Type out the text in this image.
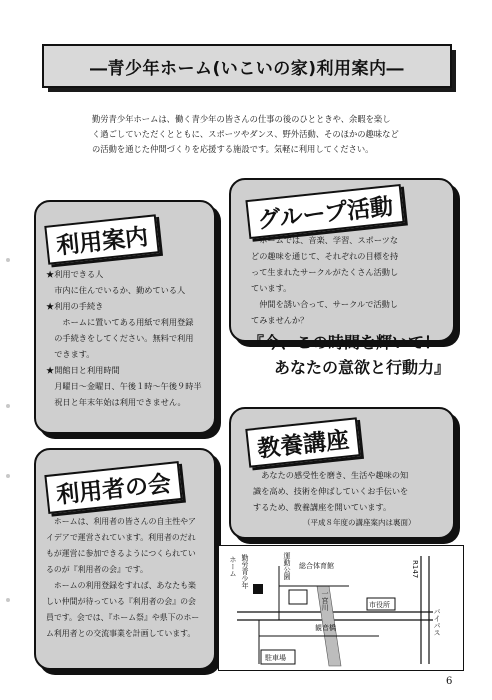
―青少年ホーム(いこいの家)利用案内―
勤労青少年ホームは、働く青少年の皆さんの仕事の後のひとときや、余暇を楽し
く過ごしていただくとともに、スポーツやダンス、野外活動、そのほかの趣味など
の活動を通じた仲間づくりを応援する施設です。気軽に利用してください。
利用案内
★利用できる人
　市内に住んでいるか、勤めている人
★利用の手続き
　　ホームに置いてある用紙で利用登録
　の手続きをしてください。無料で利用
　できます。
★開館日と利用時間
　月曜日～金曜日、午後１時～午後９時半
　祝日と年末年始は利用できません。
グループ活動
　ホームでは、音楽、学習、スポーツな
どの趣味を通じて、それぞれの目標を持
って生まれたサークルがたくさん活動し
ています。
　仲間を誘い合って、サークルで活動し
てみませんか？
『今、この時間を輝いて！
あなたの意欲と行動力』
教養講座
　あなたの感受性を磨き、生活や趣味の知
識を高め、技術を伸ばしていくお手伝いを
するため、教養講座を開いています。
（平成８年度の講座案内は裏面）
利用者の会
　ホームは、利用者の皆さんの自主性やア
イデアで運営されています。利用者のだれ
もが運営に参加できるようにつくられてい
るのが『利用者の会』です。
　ホームの利用登録をすれば、あなたも楽
しい仲間が待っている『利用者の会』の会
員です。会では、『ホーム祭』や県下のホー
ム利用者との交流事業を計画しています。
ホーム 勤労青少年	運動公園 総合体育館
一宮川	市役所
観音橋
駐車場
R147
バイパス
6
